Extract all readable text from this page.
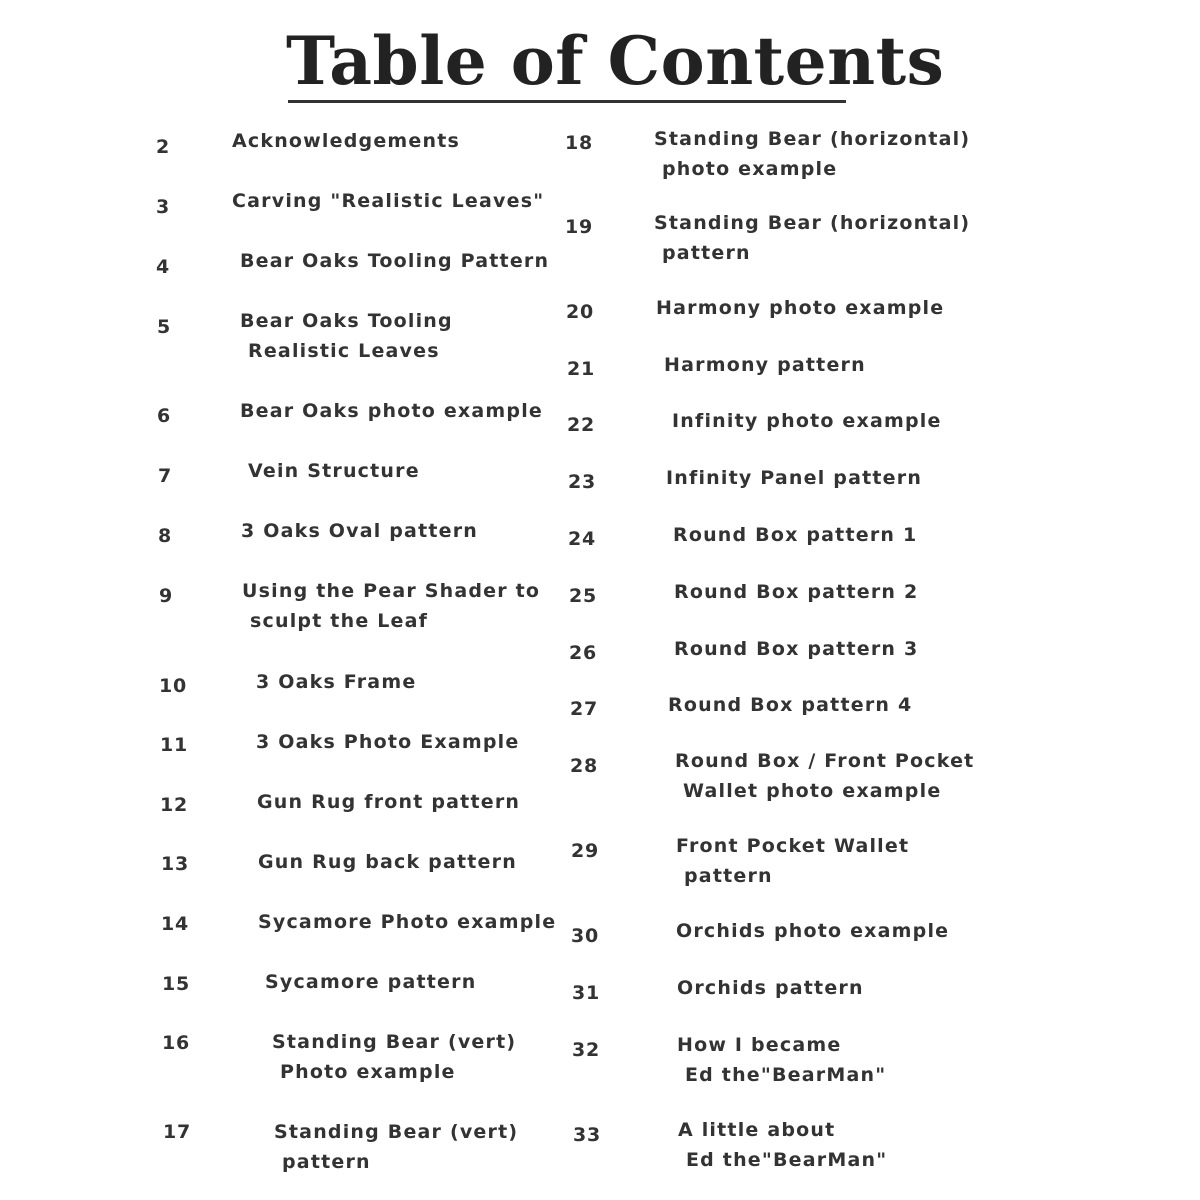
Table of Contents
2	Acknowledgements
3	Carving "Realistic Leaves"
4	Bear Oaks Tooling Pattern
5	Bear Oaks Tooling
Realistic Leaves
6	Bear Oaks photo example
7	Vein Structure
8	3 Oaks Oval pattern
9	Using the Pear Shader to
sculpt the Leaf
10	3 Oaks Frame
11	3 Oaks Photo Example
12	Gun Rug front pattern
13	Gun Rug back pattern
14	Sycamore Photo example
15	Sycamore pattern
16	Standing Bear (vert)
Photo example
17	Standing Bear (vert)
pattern
18	Standing Bear (horizontal)
photo example
19	Standing Bear (horizontal)
pattern
20	Harmony photo example
21	Harmony pattern
22	Infinity photo example
23	Infinity Panel pattern
24	Round Box pattern 1
25	Round Box pattern 2
26	Round Box pattern 3
27	Round Box pattern 4
28	Round Box / Front Pocket
Wallet photo example
29	Front Pocket Wallet
pattern
30	Orchids photo example
31	Orchids pattern
32	How I became
Ed the"BearMan"
33	A little about
Ed the"BearMan"
